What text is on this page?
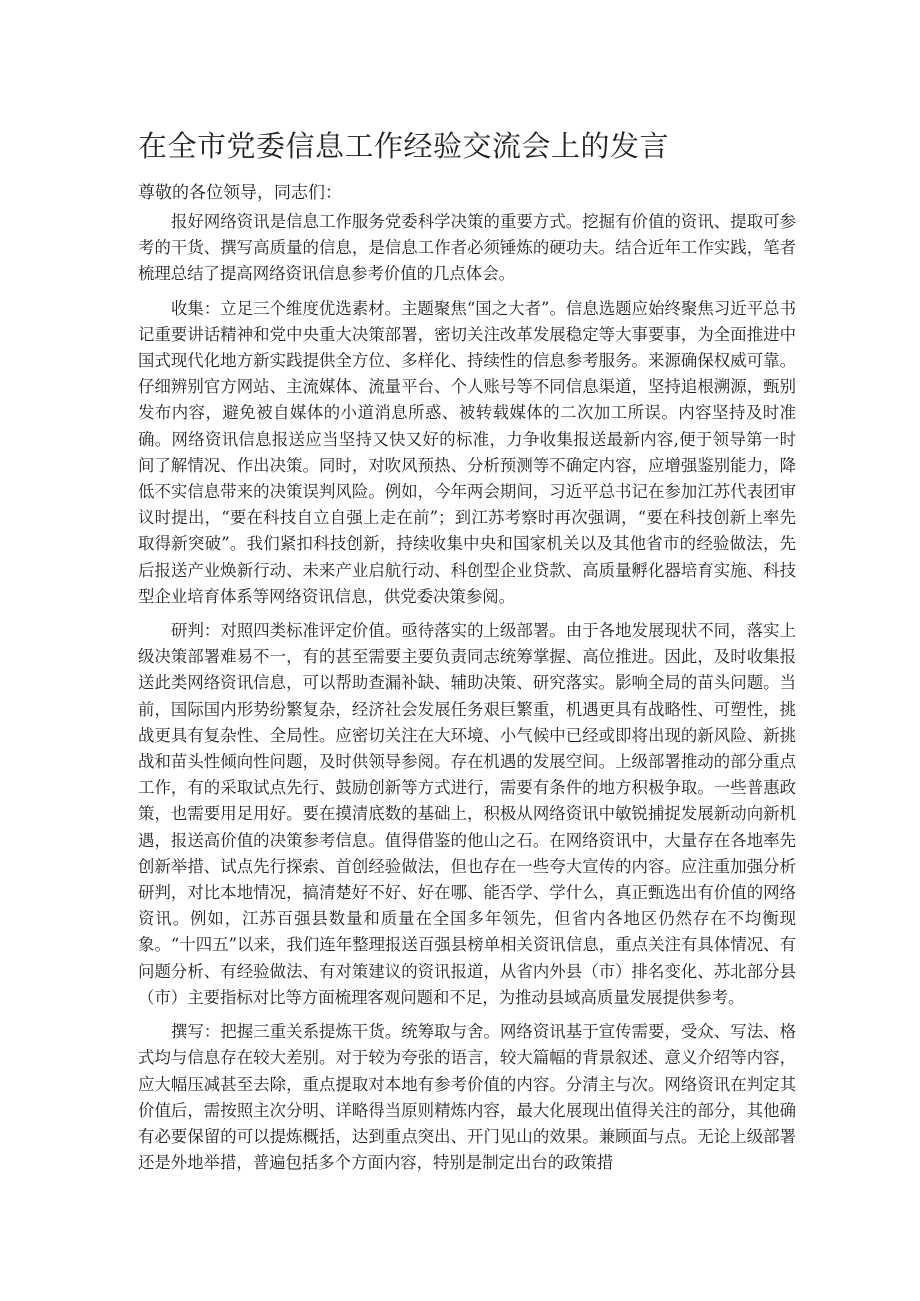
在全市党委信息工作经验交流会上的发言

尊敬的各位领导，同志们：

报好网络资讯是信息工作服务党委科学决策的重要方式。挖掘有价值的资讯、提取可参考的干货、撰写高质量的信息，是信息工作者必须锤炼的硬功夫。结合近年工作实践，笔者梳理总结了提高网络资讯信息参考价值的几点体会。

收集：立足三个维度优选素材。主题聚焦“国之大者”。信息选题应始终聚焦习近平总书记重要讲话精神和党中央重大决策部署，密切关注改革发展稳定等大事要事，为全面推进中国式现代化地方新实践提供全方位、多样化、持续性的信息参考服务。来源确保权威可靠。仔细辨别官方网站、主流媒体、流量平台、个人账号等不同信息渠道，坚持追根溯源，甄别发布内容，避免被自媒体的小道消息所惑、被转载媒体的二次加工所误。内容坚持及时准确。网络资讯信息报送应当坚持又快又好的标准，力争收集报送最新内容,便于领导第一时间了解情况、作出决策。同时，对吹风预热、分析预测等不确定内容，应增强鉴别能力，降低不实信息带来的决策误判风险。例如，今年两会期间，习近平总书记在参加江苏代表团审议时提出，“要在科技自立自强上走在前”；到江苏考察时再次强调，“要在科技创新上率先取得新突破”。我们紧扣科技创新，持续收集中央和国家机关以及其他省市的经验做法，先后报送产业焕新行动、未来产业启航行动、科创型企业贷款、高质量孵化器培育实施、科技型企业培育体系等网络资讯信息，供党委决策参阅。

研判：对照四类标准评定价值。亟待落实的上级部署。由于各地发展现状不同，落实上级决策部署难易不一，有的甚至需要主要负责同志统筹掌握、高位推进。因此，及时收集报送此类网络资讯信息，可以帮助查漏补缺、辅助决策、研究落实。影响全局的苗头问题。当前，国际国内形势纷繁复杂，经济社会发展任务艰巨繁重，机遇更具有战略性、可塑性，挑战更具有复杂性、全局性。应密切关注在大环境、小气候中已经或即将出现的新风险、新挑战和苗头性倾向性问题，及时供领导参阅。存在机遇的发展空间。上级部署推动的部分重点工作，有的采取试点先行、鼓励创新等方式进行，需要有条件的地方积极争取。一些普惠政策，也需要用足用好。要在摸清底数的基础上，积极从网络资讯中敏锐捕捉发展新动向新机遇，报送高价值的决策参考信息。值得借鉴的他山之石。在网络资讯中，大量存在各地率先创新举措、试点先行探索、首创经验做法，但也存在一些夸大宣传的内容。应注重加强分析研判，对比本地情况，搞清楚好不好、好在哪、能否学、学什么，真正甄选出有价值的网络资讯。例如，江苏百强县数量和质量在全国多年领先，但省内各地区仍然存在不均衡现象。“十四五”以来，我们连年整理报送百强县榜单相关资讯信息，重点关注有具体情况、有问题分析、有经验做法、有对策建议的资讯报道，从省内外县（市）排名变化、苏北部分县（市）主要指标对比等方面梳理客观问题和不足，为推动县域高质量发展提供参考。

撰写：把握三重关系提炼干货。统筹取与舍。网络资讯基于宣传需要，受众、写法、格式均与信息存在较大差别。对于较为夸张的语言，较大篇幅的背景叙述、意义介绍等内容，应大幅压减甚至去除，重点提取对本地有参考价值的内容。分清主与次。网络资讯在判定其价值后，需按照主次分明、详略得当原则精炼内容，最大化展现出值得关注的部分，其他确有必要保留的可以提炼概括，达到重点突出、开门见山的效果。兼顾面与点。无论上级部署还是外地举措，普遍包括多个方面内容，特别是制定出台的政策措
